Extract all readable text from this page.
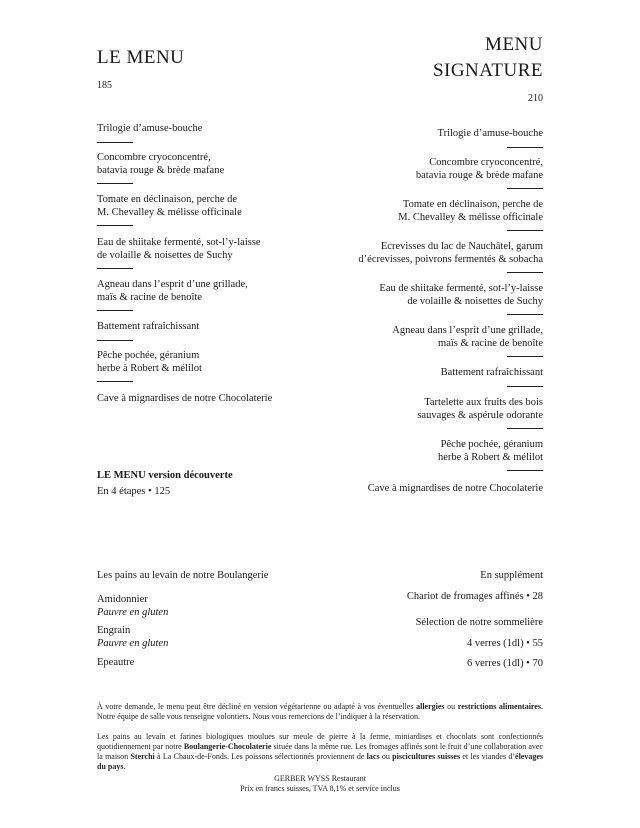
LE MENU
185
Trilogie d’amuse-bouche
Concombre cryoconcentré,
batavia rouge & brède mafane
Tomate en déclinaison, perche de
M. Chevalley & mélisse officinale
Eau de shiitake fermenté, sot-l’y-laisse
de volaille & noisettes de Suchy
Agneau dans l’esprit d’une grillade,
maïs & racine de benoîte
Battement rafraîchissant
Pêche pochée, géranium
herbe à Robert & mélilot
Cave à mignardises de notre Chocolaterie
LE MENU version découverte
En 4 étapes • 125
MENU
SIGNATURE
210
Trilogie d’amuse-bouche
Concombre cryoconcentré,
batavia rouge & brède mafane
Tomate en déclinaison, perche de
M. Chevalley & mélisse officinale
Ecrevisses du lac de Nauchâtel, garum
d’écrevisses, poivrons fermentés & sobacha
Eau de shiitake fermenté, sot-l’y-laisse
de volaille & noisettes de Suchy
Agneau dans l’esprit d’une grillade,
maïs & racine de benoîte
Battement rafraîchissant
Tartelette aux fruits des bois
sauvages & aspérule odorante
Pêche pochée, géranium
herbe à Robert & mélilot
Cave à mignardises de notre Chocolaterie
Les pains au levain de notre Boulangerie
Amidonnier
Pauvre en gluten
Engrain
Pauvre en gluten
Epeautre
En supplément
Chariot de fromages affinés • 28
Sélection de notre sommelière
4 verres (1dl) • 55
6 verres (1dl) • 70
À votre demande, le menu peut être décliné en version végétarienne ou adapté à vos éventuelles allergies ou restrictions alimentaires. Notre équipe de salle vous renseigne volontiers. Nous vous remercions de l’indiquer à la réservation.
Les pains au levain et farines biologiques moulues sur meule de pierre à la ferme, miniardises et chocolats sont confectionnés quotidiennement par notre Boulangerie-Chocolaterie située dans la même rue. Les fromages affinés sont le fruit d’une collaboration avec la maison Sterchi à La Chaux-de-Fonds. Les poissons sélectionnés proviennent de lacs ou piscicultures suisses et les viandes d’élevages du pays.
GERBER WYSS Restaurant
Prix en francs suisses, TVA 8,1% et service inclus
